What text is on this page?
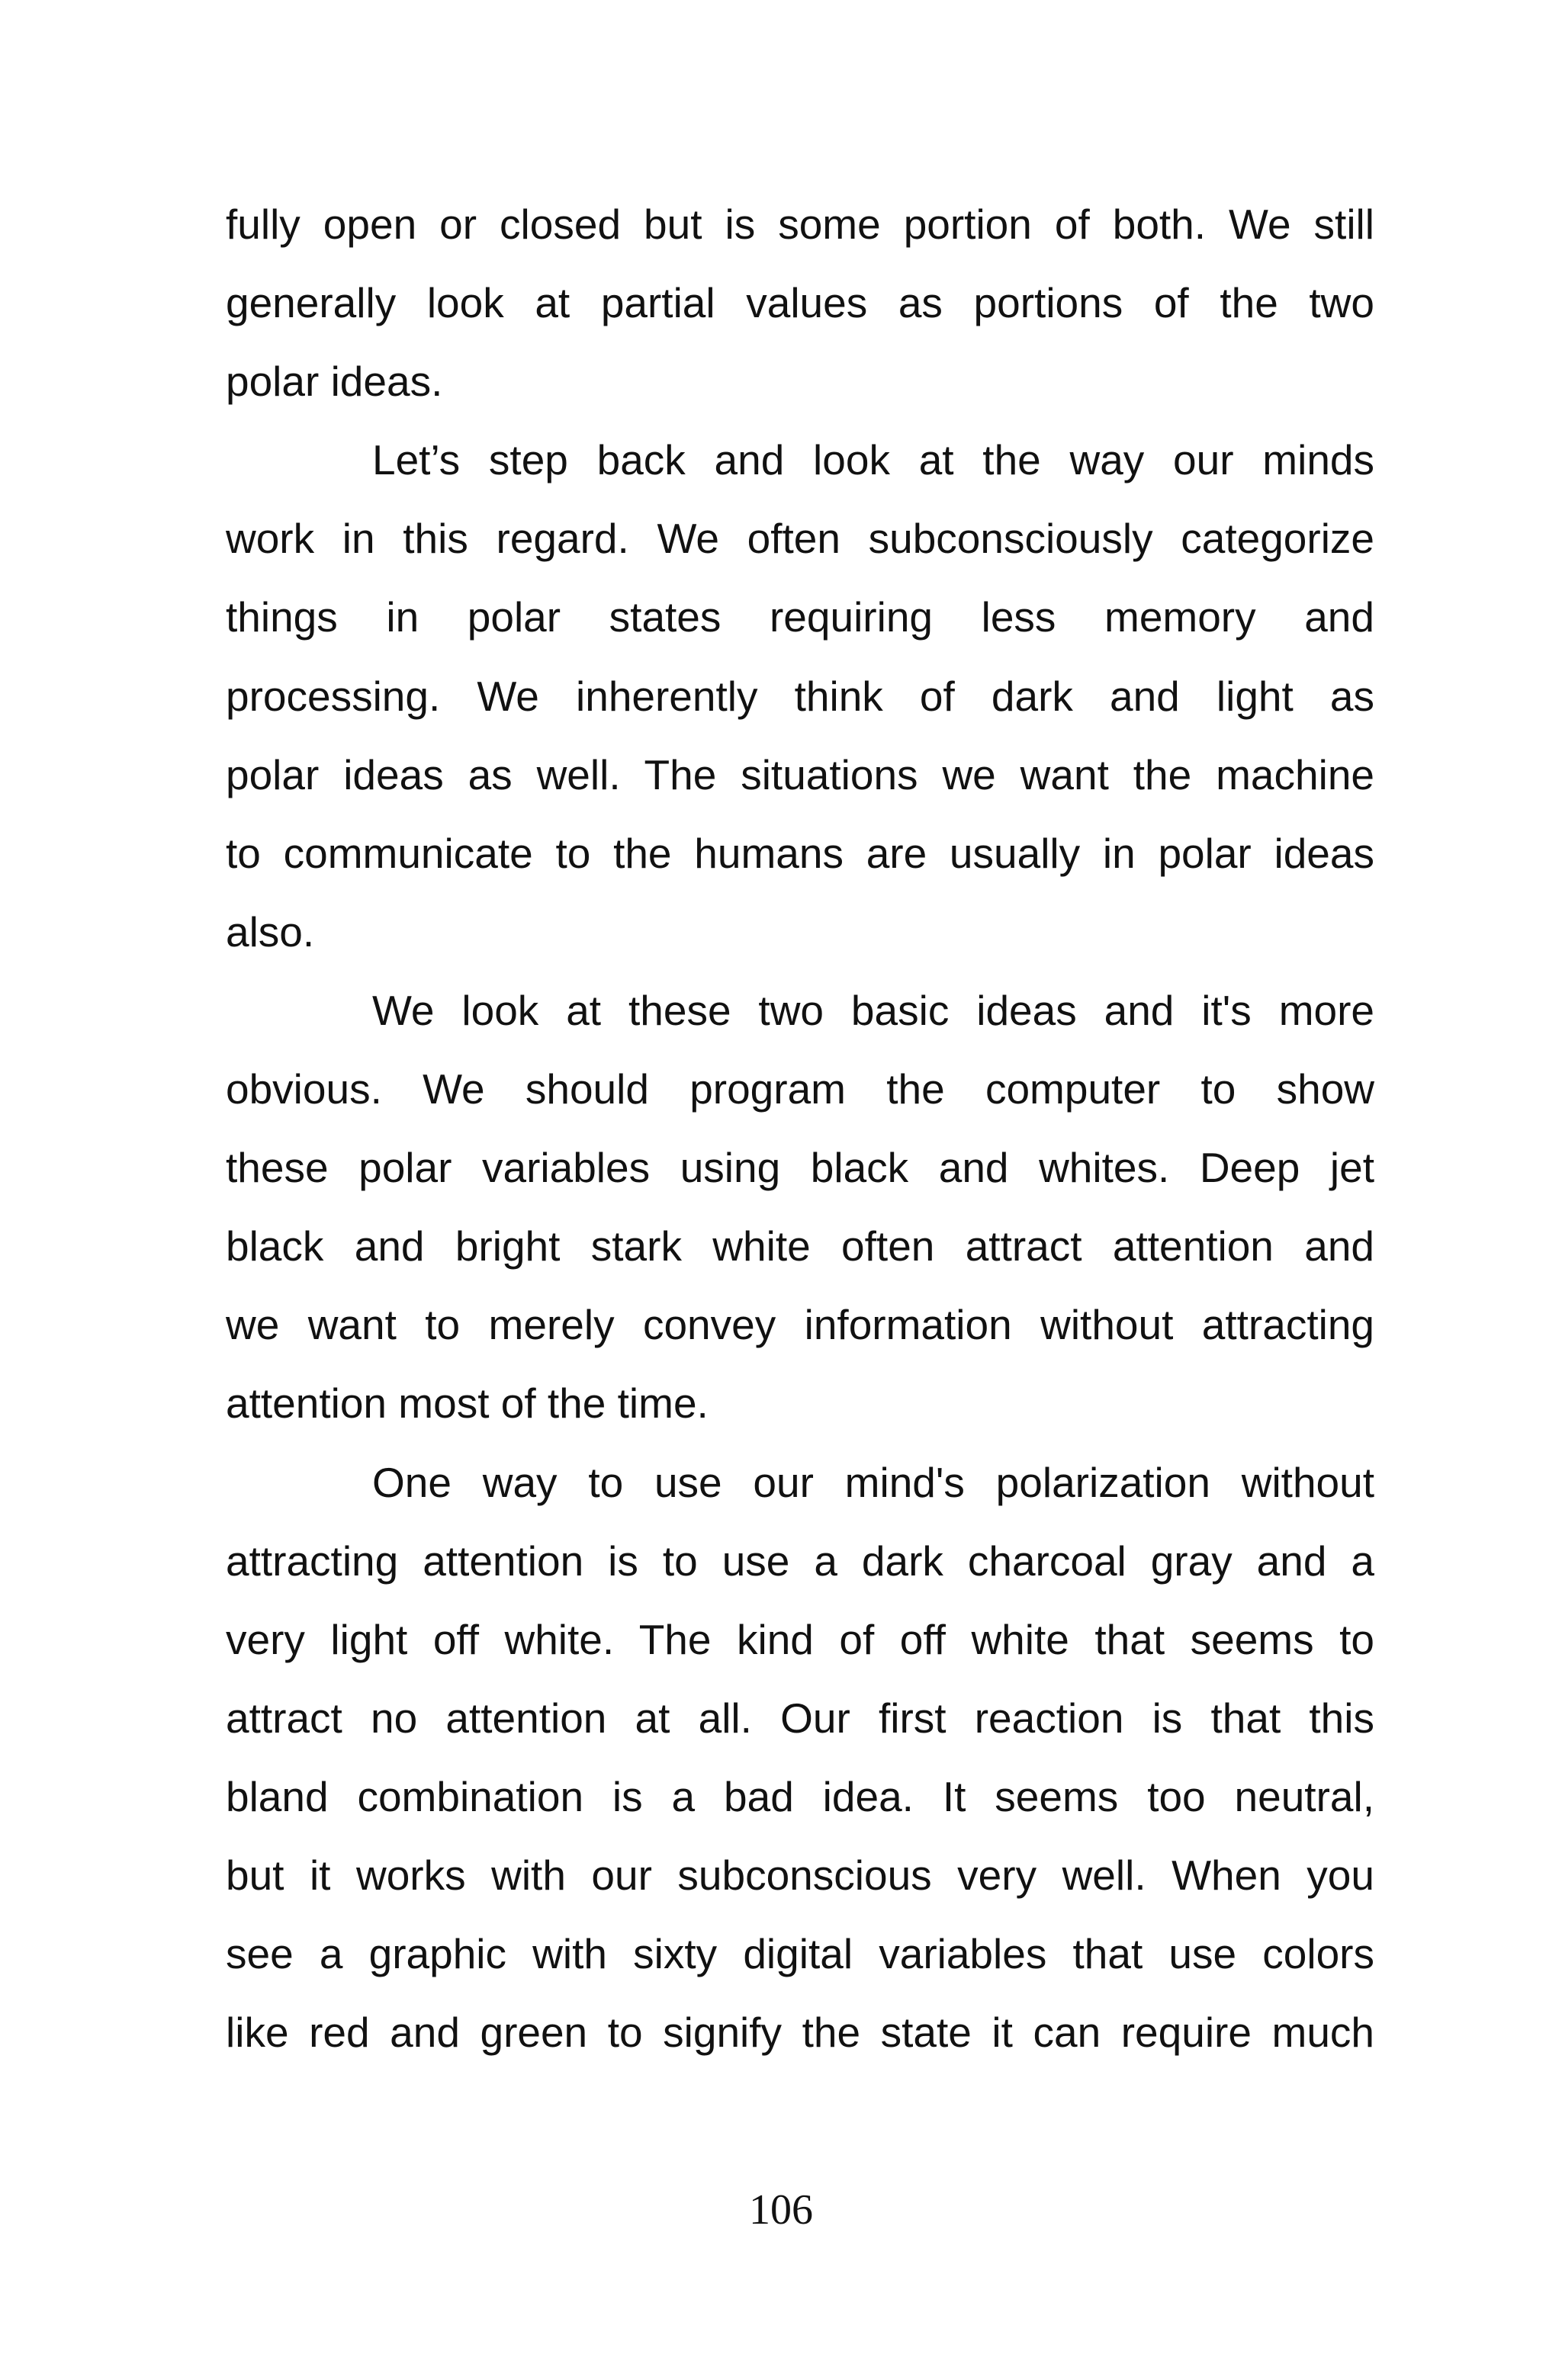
fully open or closed but is some portion of both. We still
generally look at partial values as portions of the two
polar ideas.
Let’s step back and look at the way our minds
work in this regard. We often subconsciously categorize
things in polar states requiring less memory and
processing. We inherently think of dark and light as
polar ideas as well. The situations we want the machine
to communicate to the humans are usually in polar ideas
also.
We look at these two basic ideas and it's more
obvious. We should program the computer to show
these polar variables using black and whites. Deep jet
black and bright stark white often attract attention and
we want to merely convey information without attracting
attention most of the time.
One way to use our mind's polarization without
attracting attention is to use a dark charcoal gray and a
very light off white. The kind of off white that seems to
attract no attention at all. Our first reaction is that this
bland combination is a bad idea. It seems too neutral,
but it works with our subconscious very well. When you
see a graphic with sixty digital variables that use colors
like red and green to signify the state it can require much
106
